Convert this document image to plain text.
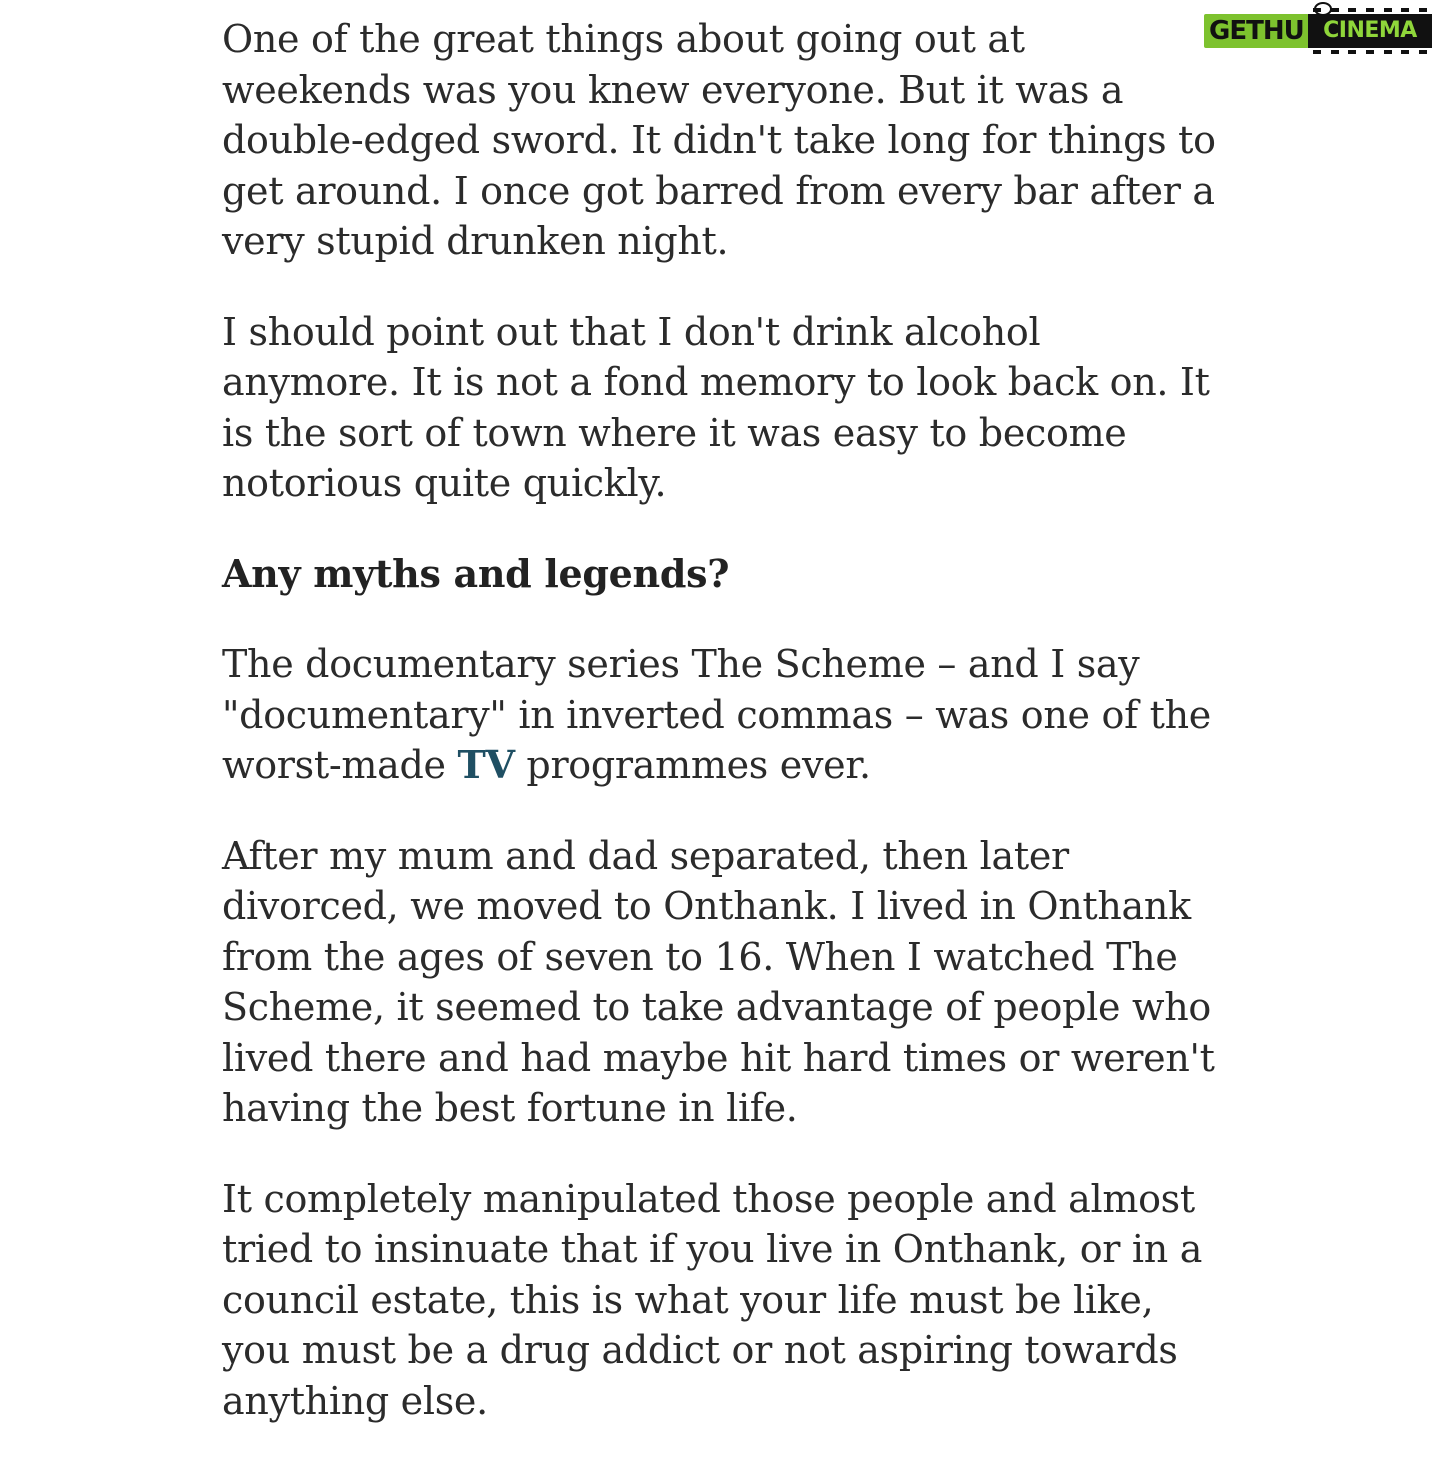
One of the great things about going out at weekends was you knew everyone. But it was a double-edged sword. It didn't take long for things to get around. I once got barred from every bar after a very stupid drunken night.

I should point out that I don't drink alcohol anymore. It is not a fond memory to look back on. It is the sort of town where it was easy to become notorious quite quickly.

Any myths and legends?

The documentary series The Scheme – and I say "documentary" in inverted commas – was one of the worst-made TV programmes ever.

After my mum and dad separated, then later divorced, we moved to Onthank. I lived in Onthank from the ages of seven to 16. When I watched The Scheme, it seemed to take advantage of people who lived there and had maybe hit hard times or weren't having the best fortune in life.

It completely manipulated those people and almost tried to insinuate that if you live in Onthank, or in a council estate, this is what your life must be like, you must be a drug addict or not aspiring towards anything else.

GETHU CINEMA
